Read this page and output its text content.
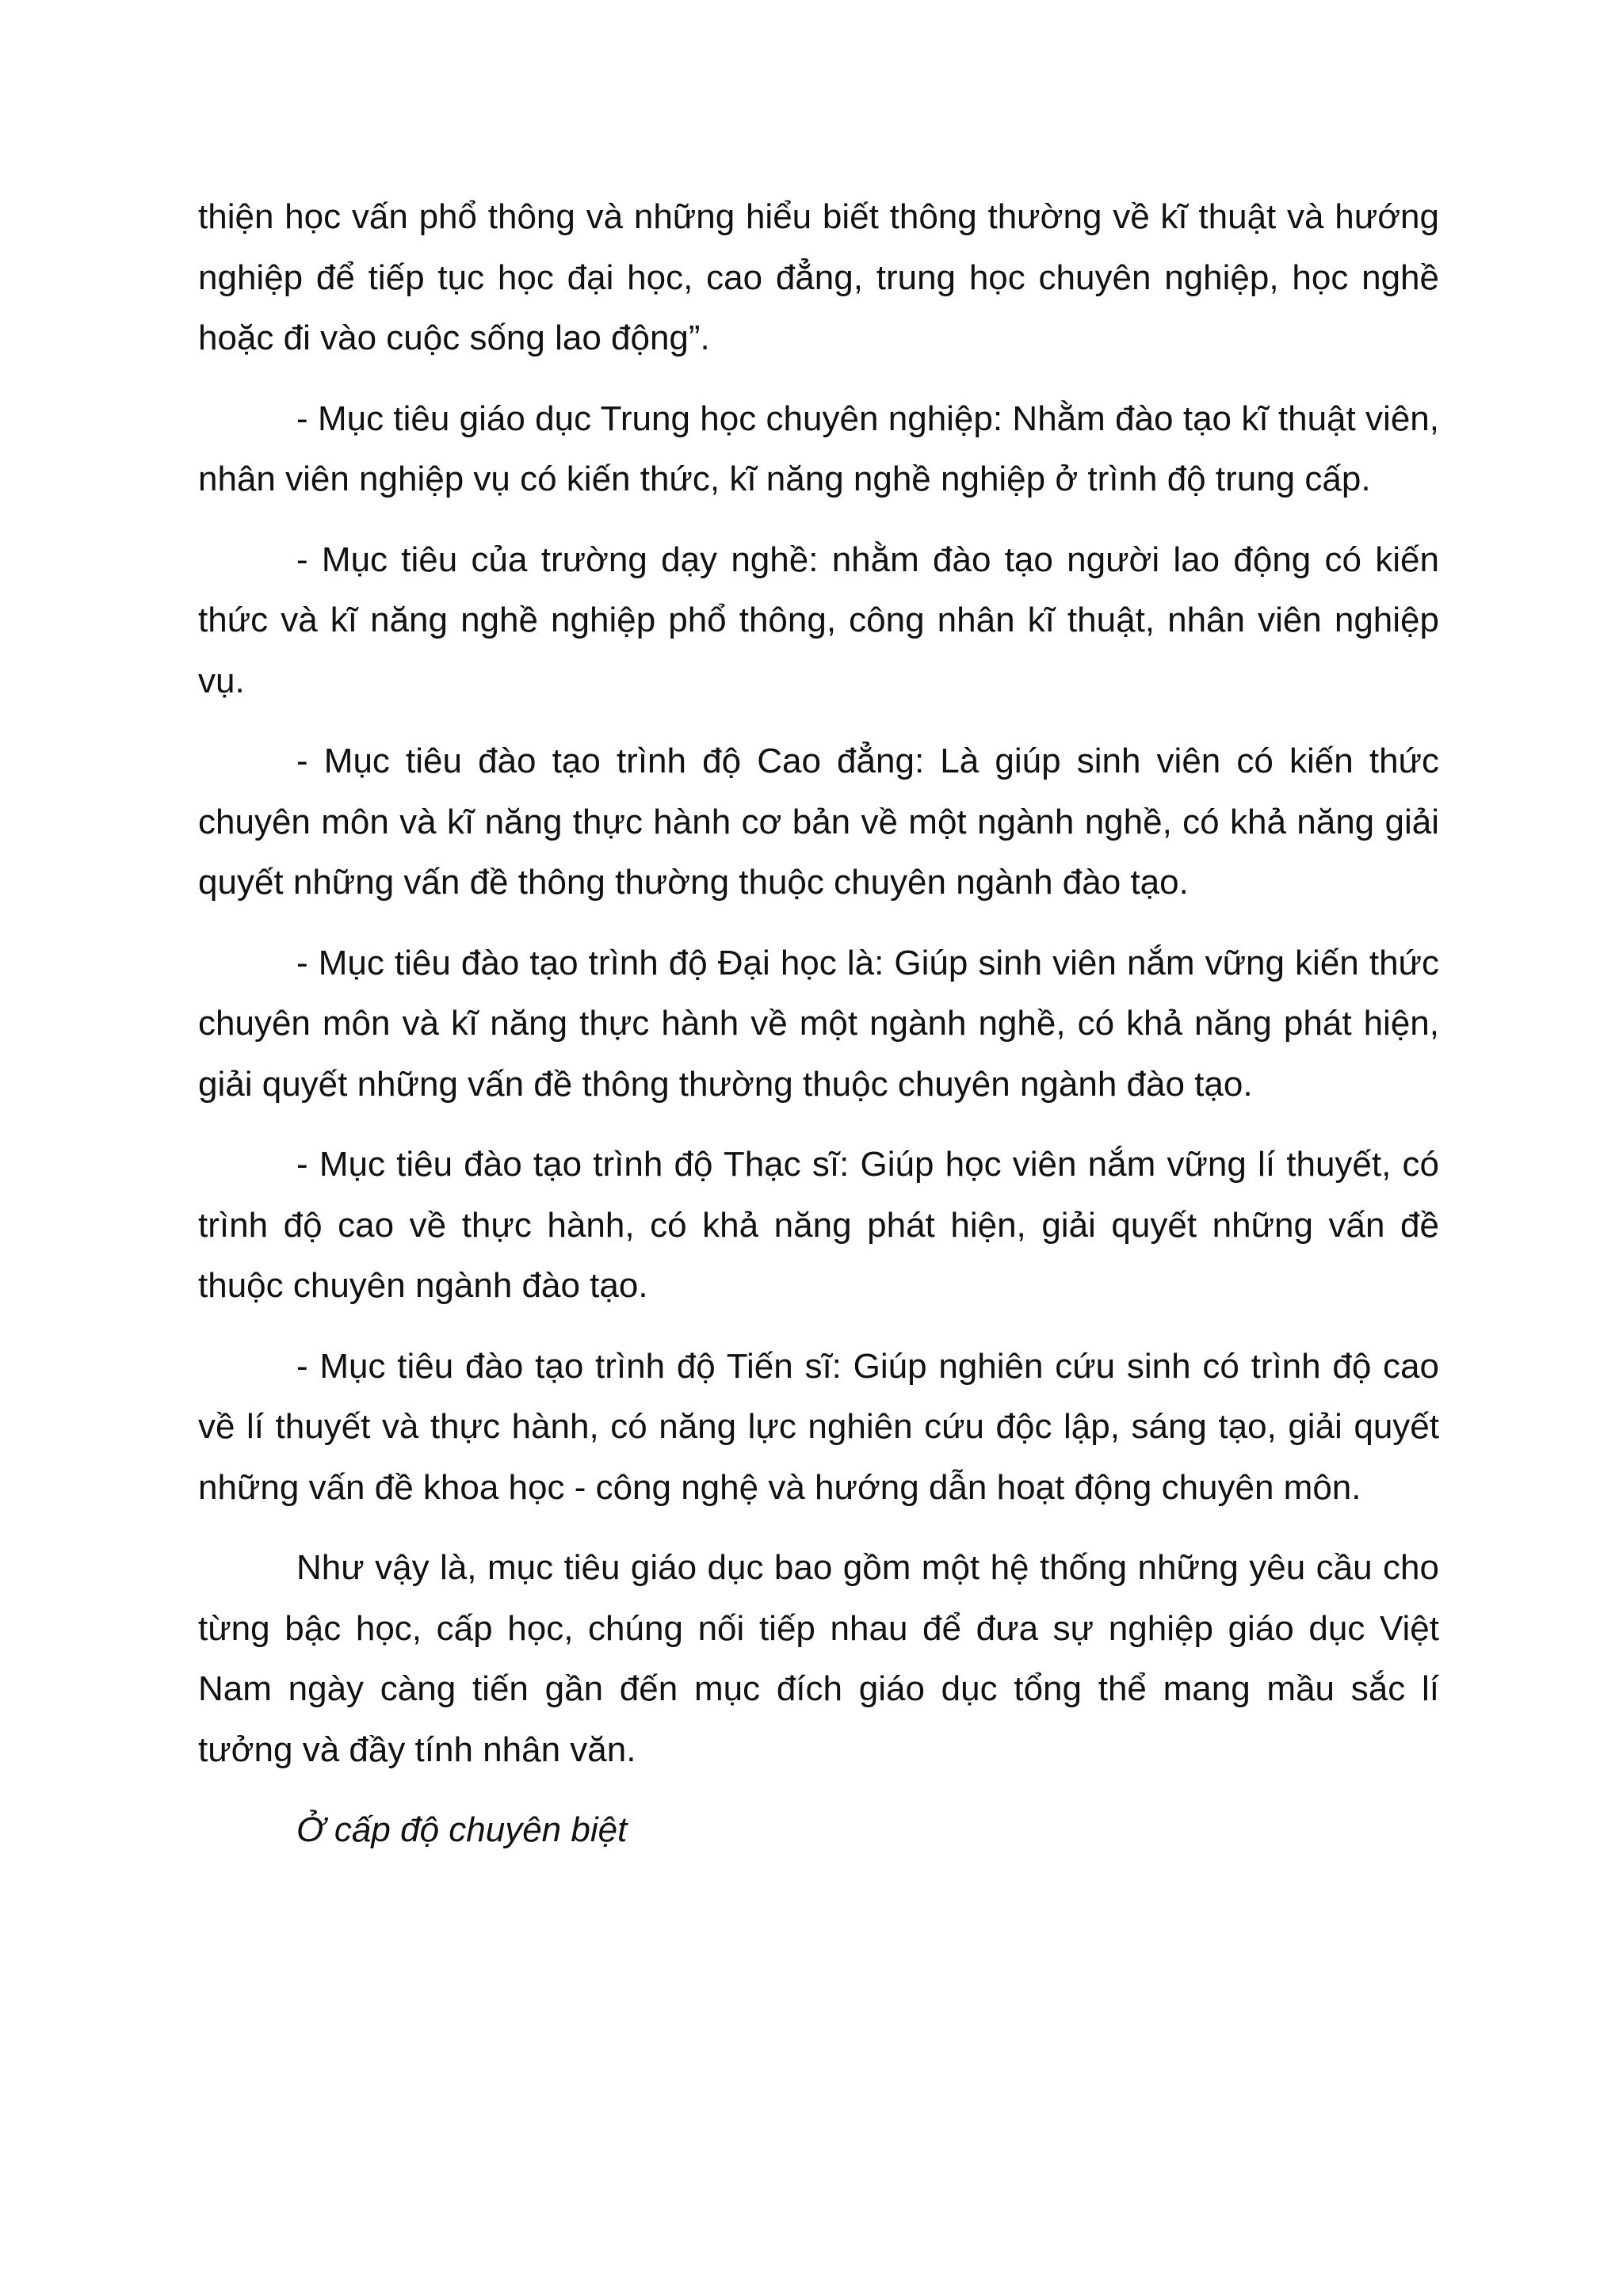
thiện học vấn phổ thông và những hiểu biết thông thường về kĩ thuật và hướng nghiệp để tiếp tục học đại học, cao đẳng, trung học chuyên nghiệp, học nghề hoặc đi vào cuộc sống lao động”.

- Mục tiêu giáo dục Trung học chuyên nghiệp: Nhằm đào tạo kĩ thuật viên, nhân viên nghiệp vụ có kiến thức, kĩ năng nghề nghiệp ở trình độ trung cấp.

- Mục tiêu của trường dạy nghề: nhằm đào tạo người lao động có kiến thức và kĩ năng nghề nghiệp phổ thông, công nhân kĩ thuật, nhân viên nghiệp vụ.

- Mục tiêu đào tạo trình độ Cao đẳng: Là giúp sinh viên có kiến thức chuyên môn và kĩ năng thực hành cơ bản về một ngành nghề, có khả năng giải quyết những vấn đề thông thường thuộc chuyên ngành đào tạo.

- Mục tiêu đào tạo trình độ Đại học là: Giúp sinh viên nắm vững kiến thức chuyên môn và kĩ năng thực hành về một ngành nghề, có khả năng phát hiện, giải quyết những vấn đề thông thường thuộc chuyên ngành đào tạo.

- Mục tiêu đào tạo trình độ Thạc sĩ: Giúp học viên nắm vững lí thuyết, có trình độ cao về thực hành, có khả năng phát hiện, giải quyết những vấn đề thuộc chuyên ngành đào tạo.

- Mục tiêu đào tạo trình độ Tiến sĩ: Giúp nghiên cứu sinh có trình độ cao về lí thuyết và thực hành, có năng lực nghiên cứu độc lập, sáng tạo, giải quyết những vấn đề khoa học - công nghệ và hướng dẫn hoạt động chuyên môn.

Như vậy là, mục tiêu giáo dục bao gồm một hệ thống những yêu cầu cho từng bậc học, cấp học, chúng nối tiếp nhau để đưa sự nghiệp giáo dục Việt Nam ngày càng tiến gần đến mục đích giáo dục tổng thể mang mầu sắc lí tưởng và đầy tính nhân văn.

Ở cấp độ chuyên biệt
